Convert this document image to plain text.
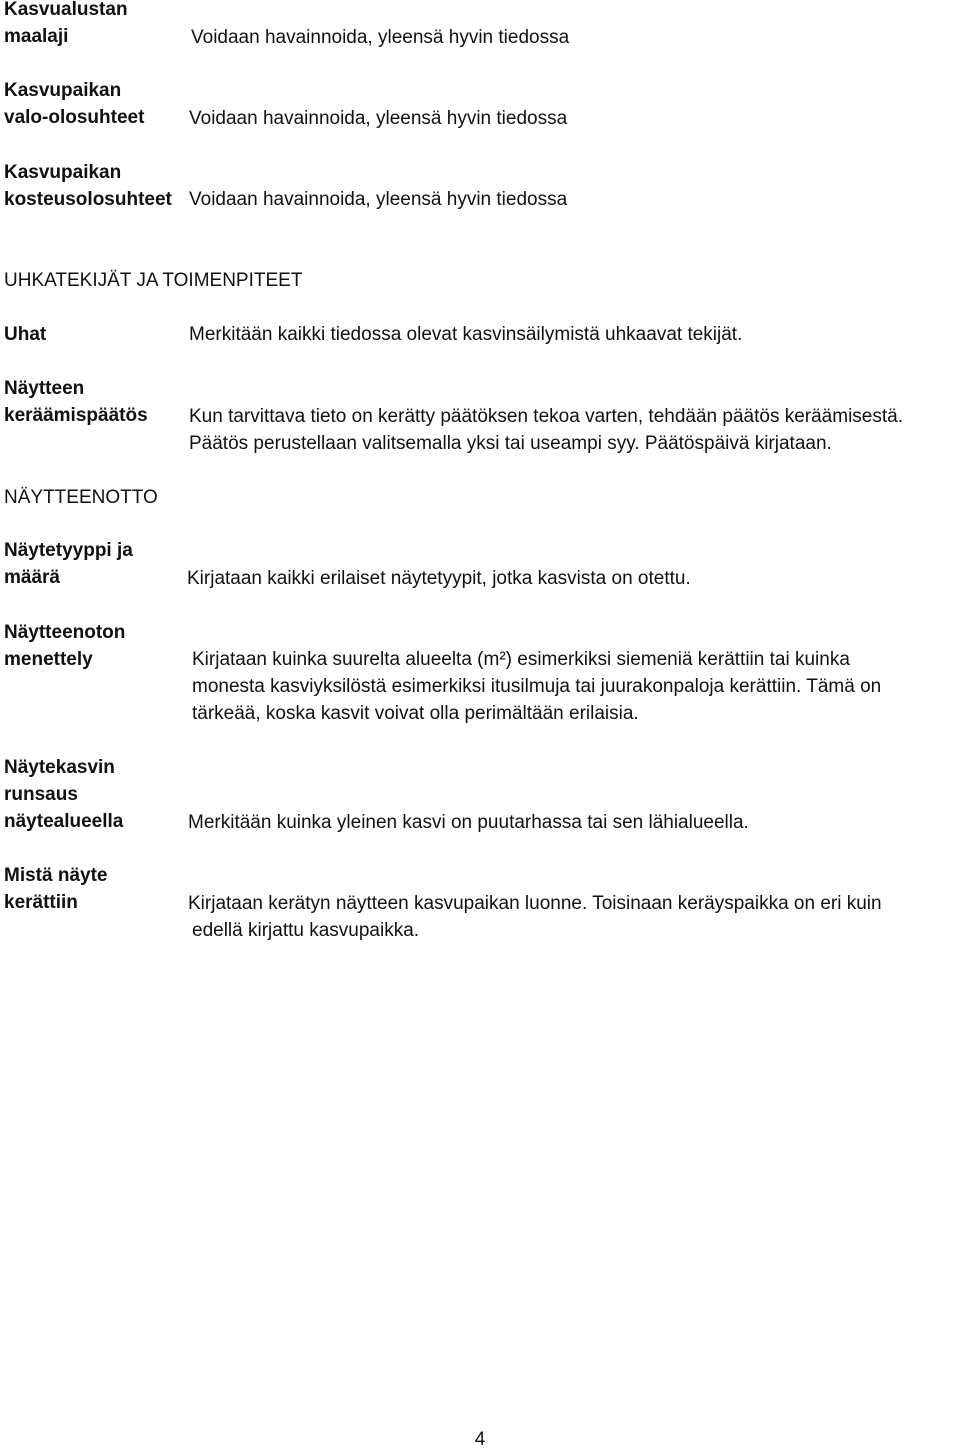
Kasvualustan
maalaji	Voidaan havainnoida, yleensä hyvin tiedossa
Kasvupaikan
valo-olosuhteet Voidaan havainnoida, yleensä hyvin tiedossa
Kasvupaikan
kosteusolosuhteet Voidaan havainnoida, yleensä hyvin tiedossa
UHKATEKIJÄT JA TOIMENPITEET
Uhat	Merkitään kaikki tiedossa olevat kasvinsäilymistä uhkaavat tekijät.
Näytteen
keräämispäätös Kun tarvittava tieto on kerätty päätöksen tekoa varten, tehdään päätös keräämisestä.
Päätös perustellaan valitsemalla yksi tai useampi syy. Päätöspäivä kirjataan.
NÄYTTEENOTTO
Näytetyyppi ja
määrä	Kirjataan kaikki erilaiset näytetyypit, jotka kasvista on otettu.
Näytteenoton
menettely	Kirjataan kuinka suurelta alueelta (m²) esimerkiksi siemeniä kerättiin tai kuinka
monesta kasviyksilöstä esimerkiksi itusilmuja tai juurakonpaloja kerättiin. Tämä on
tärkeää, koska kasvit voivat olla perimältään erilaisia.
Näytekasvin
runsaus
näytealueella	Merkitään kuinka yleinen kasvi on puutarhassa tai sen lähialueella.
Mistä näyte
kerättiin	Kirjataan kerätyn näytteen kasvupaikan luonne. Toisinaan keräyspaikka on eri kuin
edellä kirjattu kasvupaikka.
4
